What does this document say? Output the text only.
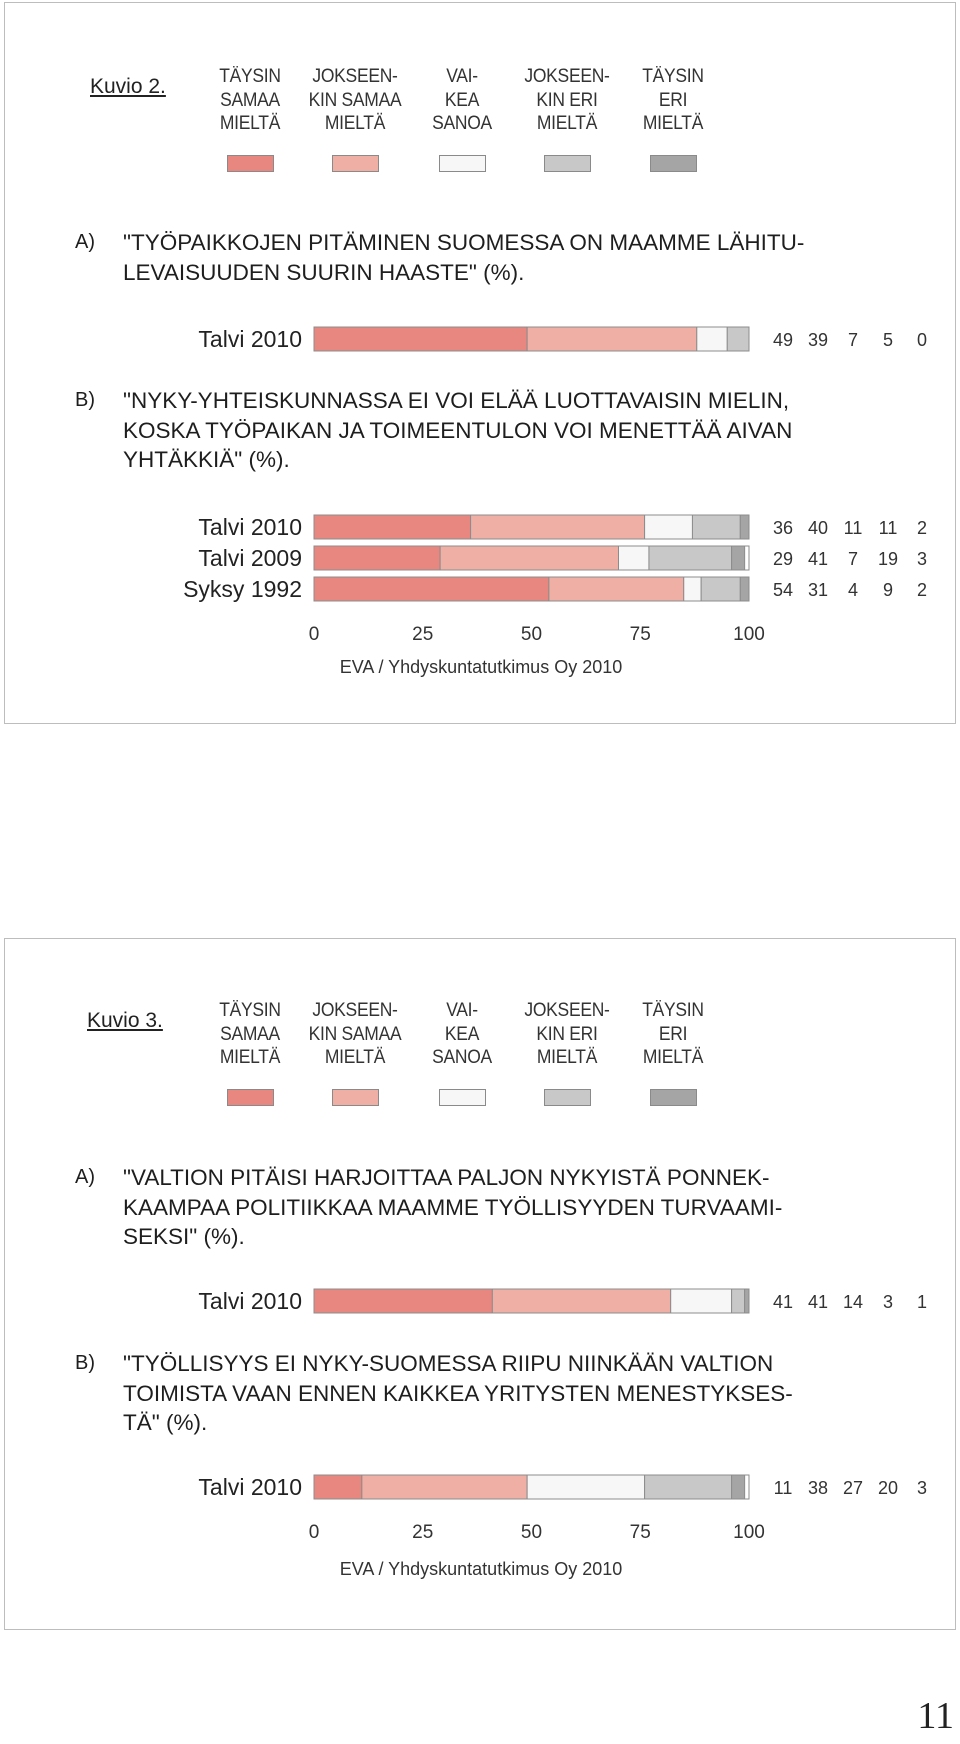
Kuvio 2.	TÄYSIN
SAMAA
MIELTÄ
JOKSEEN-
KIN SAMAA
MIELTÄ
VAI-
KEA
SANOA
JOKSEEN-
KIN ERI
MIELTÄ
TÄYSIN
ERI
MIELTÄ
A) "TYÖPAIKKOJEN PITÄMINEN SUOMESSA ON MAAMME LÄHITU-
LEVAISUUDEN SUURIN HAASTE" (%).
Talvi 2010	49 39 7 5 0
B) "NYKY-YHTEISKUNNASSA EI VOI ELÄÄ LUOTTAVAISIN MIELIN,
KOSKA TYÖPAIKAN JA TOIMEENTULON VOI MENETTÄÄ AIVAN
YHTÄKKIÄ" (%).
Talvi 2010	36 40 11 11 2
Talvi 2009	29 41 7 19 3
Syksy 1992	54 31 4 9 2
0	25	50	75	100
EVA / Yhdyskuntatutkimus Oy 2010
Kuvio 3.	TÄYSIN
SAMAA
MIELTÄ
JOKSEEN-
KIN SAMAA
MIELTÄ
VAI-
KEA
SANOA
JOKSEEN-
KIN ERI
MIELTÄ
TÄYSIN
ERI
MIELTÄ
A) "VALTION PITÄISI HARJOITTAA PALJON NYKYISTÄ PONNEK-
KAAMPAA POLITIIKKAA MAAMME TYÖLLISYYDEN TURVAAMI-
SEKSI" (%).
Talvi 2010	41 41 14 3 1
B) "TYÖLLISYYS EI NYKY-SUOMESSA RIIPU NIINKÄÄN VALTION
TOIMISTA VAAN ENNEN KAIKKEA YRITYSTEN MENESTYKSES-
TÄ" (%).
Talvi 2010	11 38 27 20 3
0	25	50	75	100
EVA / Yhdyskuntatutkimus Oy 2010
11
